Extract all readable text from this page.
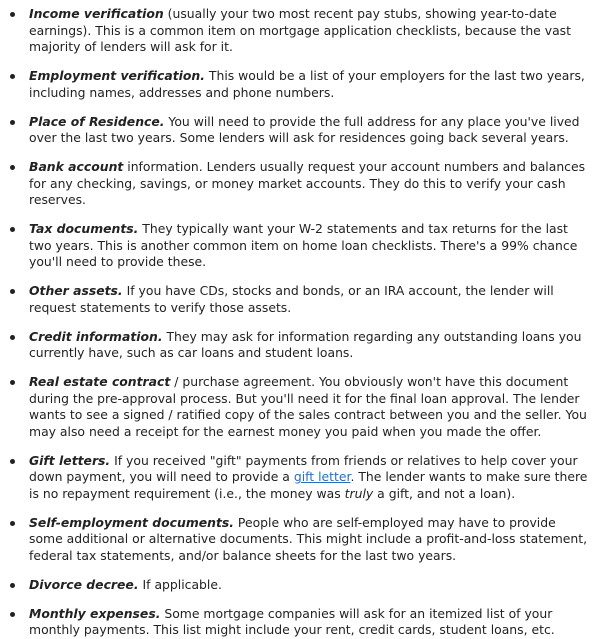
Income verification (usually your two most recent pay stubs, showing year-to-date earnings). This is a common item on mortgage application checklists, because the vast majority of lenders will ask for it.
Employment verification. This would be a list of your employers for the last two years, including names, addresses and phone numbers.
Place of Residence. You will need to provide the full address for any place you've lived over the last two years. Some lenders will ask for residences going back several years.
Bank account information. Lenders usually request your account numbers and balances for any checking, savings, or money market accounts. They do this to verify your cash reserves.
Tax documents. They typically want your W-2 statements and tax returns for the last two years. This is another common item on home loan checklists. There's a 99% chance you'll need to provide these.
Other assets. If you have CDs, stocks and bonds, or an IRA account, the lender will request statements to verify those assets.
Credit information. They may ask for information regarding any outstanding loans you currently have, such as car loans and student loans.
Real estate contract / purchase agreement. You obviously won't have this document during the pre-approval process. But you'll need it for the final loan approval. The lender wants to see a signed / ratified copy of the sales contract between you and the seller. You may also need a receipt for the earnest money you paid when you made the offer.
Gift letters. If you received "gift" payments from friends or relatives to help cover your down payment, you will need to provide a gift letter. The lender wants to make sure there is no repayment requirement (i.e., the money was truly a gift, and not a loan).
Self-employment documents. People who are self-employed may have to provide some additional or alternative documents. This might include a profit-and-loss statement, federal tax statements, and/or balance sheets for the last two years.
Divorce decree. If applicable.
Monthly expenses. Some mortgage companies will ask for an itemized list of your monthly payments. This list might include your rent, credit cards, student loans, etc.
